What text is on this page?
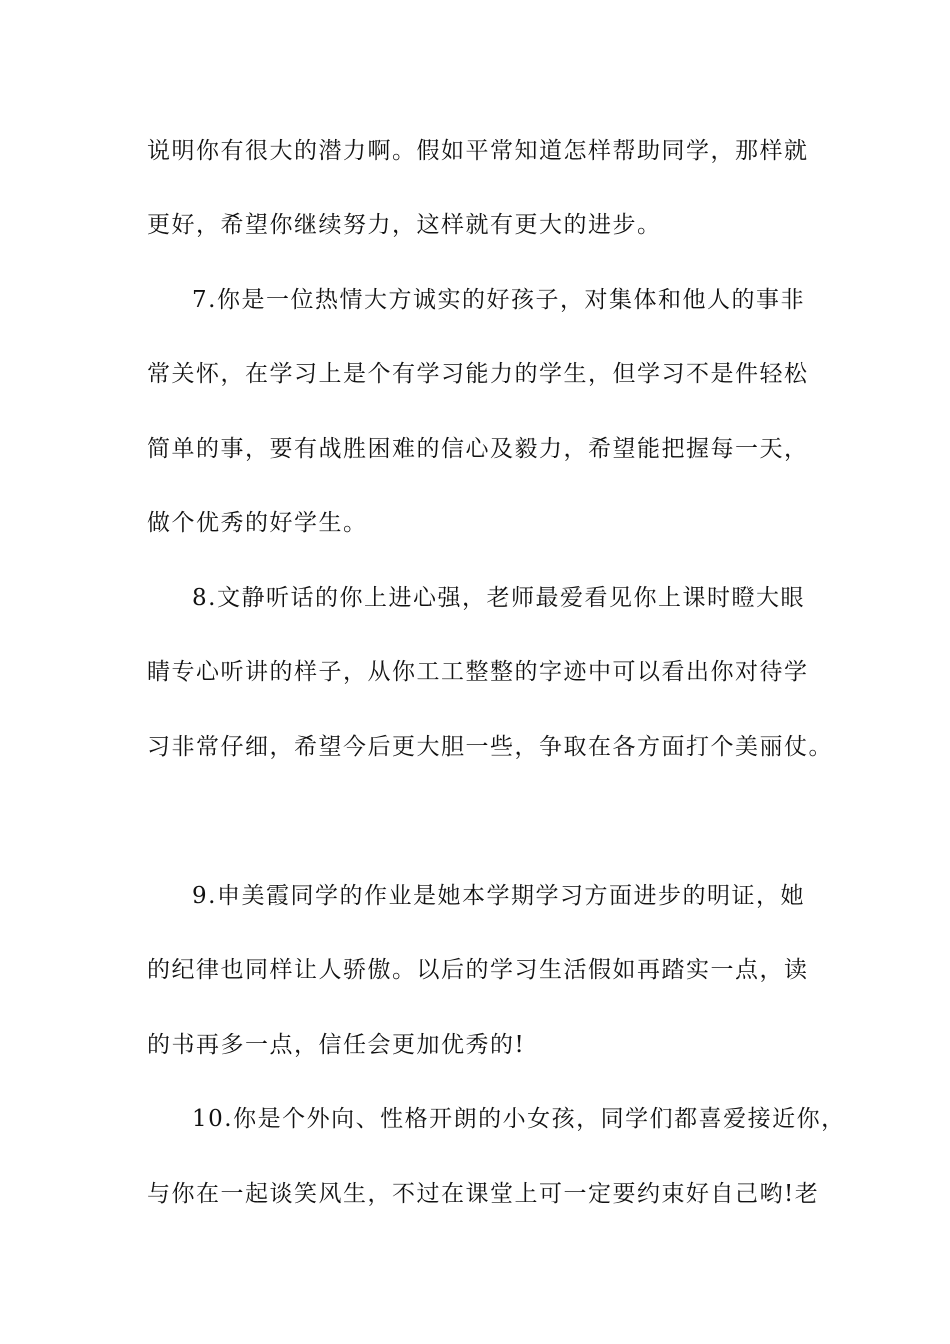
说明你有很大的潜力啊。假如平常知道怎样帮助同学，那样就
更好，希望你继续努力，这样就有更大的进步。
7.你是一位热情大方诚实的好孩子，对集体和他人的事非
常关怀，在学习上是个有学习能力的学生，但学习不是件轻松
简单的事，要有战胜困难的信心及毅力，希望能把握每一天，
做个优秀的好学生。
8.文静听话的你上进心强，老师最爱看见你上课时瞪大眼
睛专心听讲的样子，从你工工整整的字迹中可以看出你对待学
习非常仔细，希望今后更大胆一些，争取在各方面打个美丽仗。
9.申美霞同学的作业是她本学期学习方面进步的明证，她
的纪律也同样让人骄傲。以后的学习生活假如再踏实一点，读
的书再多一点，信任会更加优秀的!
10.你是个外向、性格开朗的小女孩，同学们都喜爱接近你，
与你在一起谈笑风生，不过在课堂上可一定要约束好自己哟!老
